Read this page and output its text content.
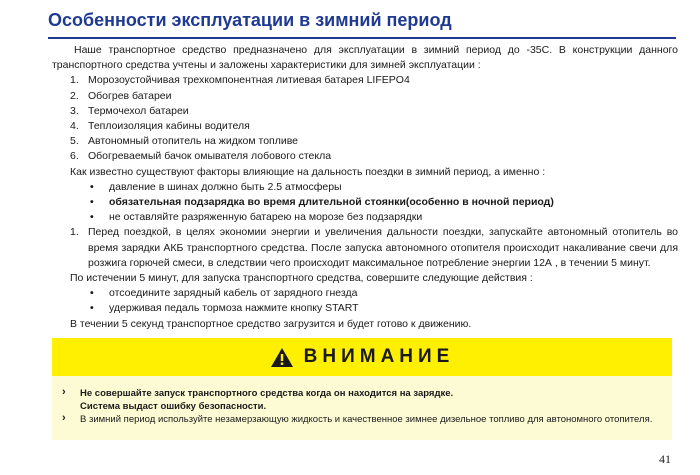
Особенности эксплуатации в зимний период

Наше транспортное средство предназначено для эксплуатации в зимний период до -35С. В конструкции данного транспортного средства учтены и заложены характеристики для зимней эксплуатации :

1. Морозоустойчивая трехкомпонентная литиевая батарея LIFEPO4
2. Обогрев батареи
3. Термочехол батареи
4. Теплоизоляция кабины водителя
5. Автономный отопитель на жидком топливе
6. Обогреваемый бачок омывателя лобового стекла

Как известно существуют факторы влияющие на дальность поездки в зимний период, а именно :

• давление в шинах должно быть 2.5 атмосферы
• обязательная подзарядка во время длительной стоянки(особенно в ночной период)
• не оставляйте разряженную батарею на морозе без подзарядки
1. Перед поездкой, в целях экономии энергии и увеличения дальности поездки, запускайте автономный отопитель во время зарядки АКБ транспортного средства. После запуска автономного отопителя происходит накаливание свечи для розжига горючей смеси, в следствии чего происходит максимальное потребление энергии 12А , в течении 5 минут.

По истечении 5 минут, для запуска транспортного средства, совершите следующие действия :

• отсоедините зарядный кабель от зарядного гнезда
• удерживая педаль тормоза нажмите кнопку START

В течении 5 секунд транспортное средство загрузится и будет готово к движению.

ВНИМАНИЕ
› Не совершайте запуск транспортного средства когда он находится на зарядке.
Система выдаст ошибку безопасности.
› В зимний период используйте незамерзающую жидкость и качественное зимнее дизельное топливо для автономного отопителя.
41
